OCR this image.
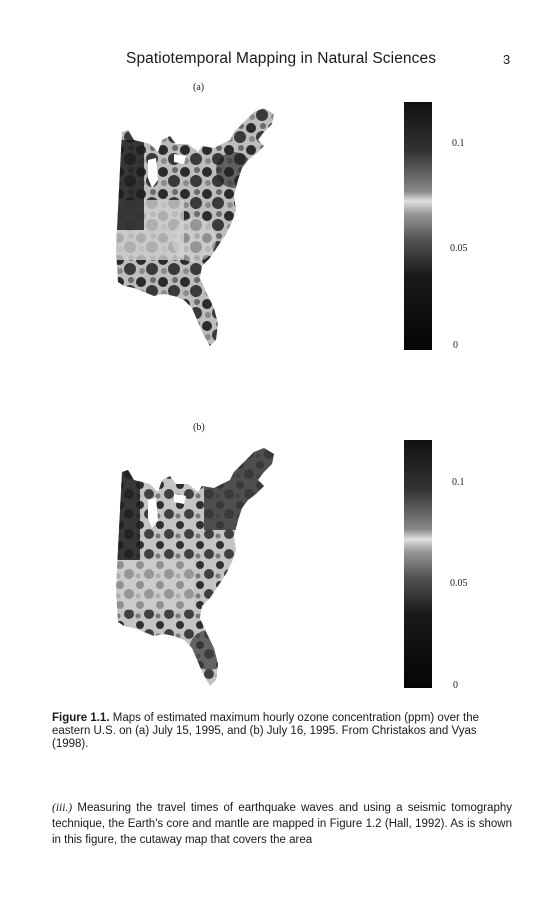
Spatiotemporal Mapping in Natural Sciences	3
(a)
0.1
0.05
0
(b)
0.1
0.05
0
Figure 1.1. Maps of estimated maximum hourly ozone concentration (ppm) over the eastern U.S. on (a) July 15, 1995, and (b) July 16, 1995. From Christakos and Vyas (1998).
(iii.) Measuring the travel times of earthquake waves and using a seismic tomography technique, the Earth's core and mantle are mapped in Figure 1.2 (Hall, 1992). As is shown in this figure, the cutaway map that covers the area
